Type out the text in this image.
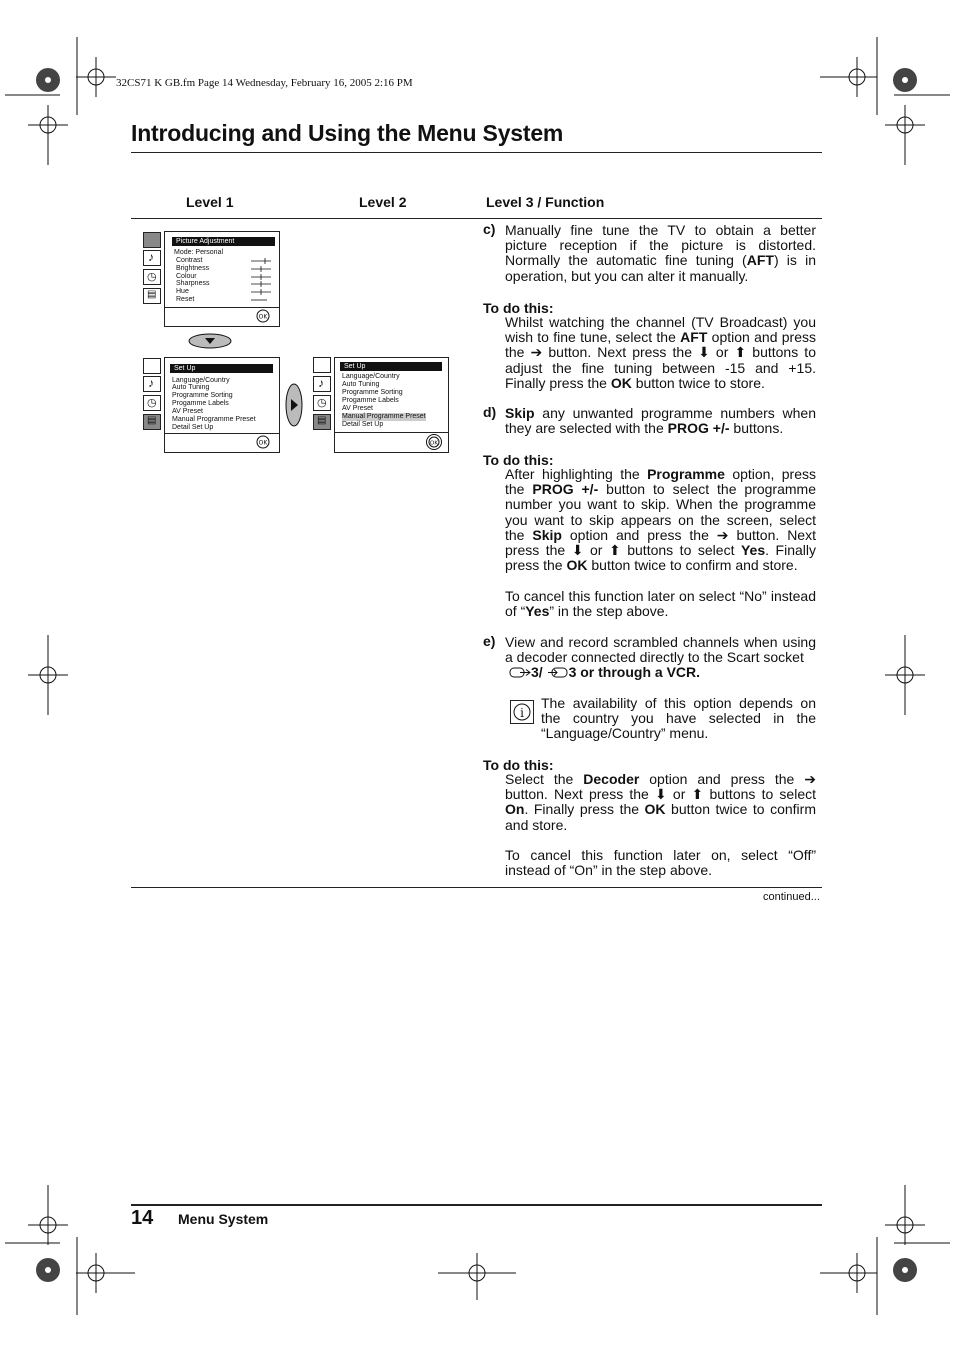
32CS71 K GB.fm Page 14 Wednesday, February 16, 2005 2:16 PM
Introducing and Using the Menu System
Level 1	Level 2	Level 3 / Function
♪
◷
▤
Picture Adjustment
Mode: Personal
Contrast
Brightness
Colour
Sharpness
Hue
Reset
OK
♪
◷
▤
Set Up
Language/Country
Auto Tuning
Programme Sorting
Progamme Labels
AV Preset
Manual Programme Preset
Detail Set Up
OK
♪
◷
▤
Set Up
Language/Country
Auto Tuning
Programme Sorting
Progamme Labels
AV Preset
Manual Programme Preset
Detail Set Up
OK
c) Manually fine tune the TV to obtain a better picture reception if the picture is distorted. Normally the automatic fine tuning (AFT) is in operation, but you can alter it manually.
To do this:
Whilst watching the channel (TV Broadcast) you wish to fine tune, select the AFT option and press the ➔ button. Next press the ⬇ or ⬆ buttons to adjust the fine tuning between -15 and +15. Finally press the OK button twice to store.
d) Skip any unwanted programme numbers when they are selected with the PROG +/- buttons.
To do this:
After highlighting the Programme option, press the PROG +/- button to select the programme number you want to skip. When the programme you want to skip appears on the screen, select the Skip option and press the ➔ button. Next press the ⬇ or ⬆ buttons to select Yes. Finally press the OK button twice to confirm and store.
To cancel this function later on select “No” instead of “Yes” in the step above.
e) View and record scrambled channels when using a decoder connected directly to the Scart socket
3/ 3 or through a VCR.
i
The availability of this option depends on the country you have selected in the “Language/Country” menu.
To do this:
Select the Decoder option and press the ➔ button. Next press the ⬇ or ⬆ buttons to select On. Finally press the OK button twice to confirm and store.
To cancel this function later on, select “Off” instead of “On” in the step above.
continued...
14 Menu System
